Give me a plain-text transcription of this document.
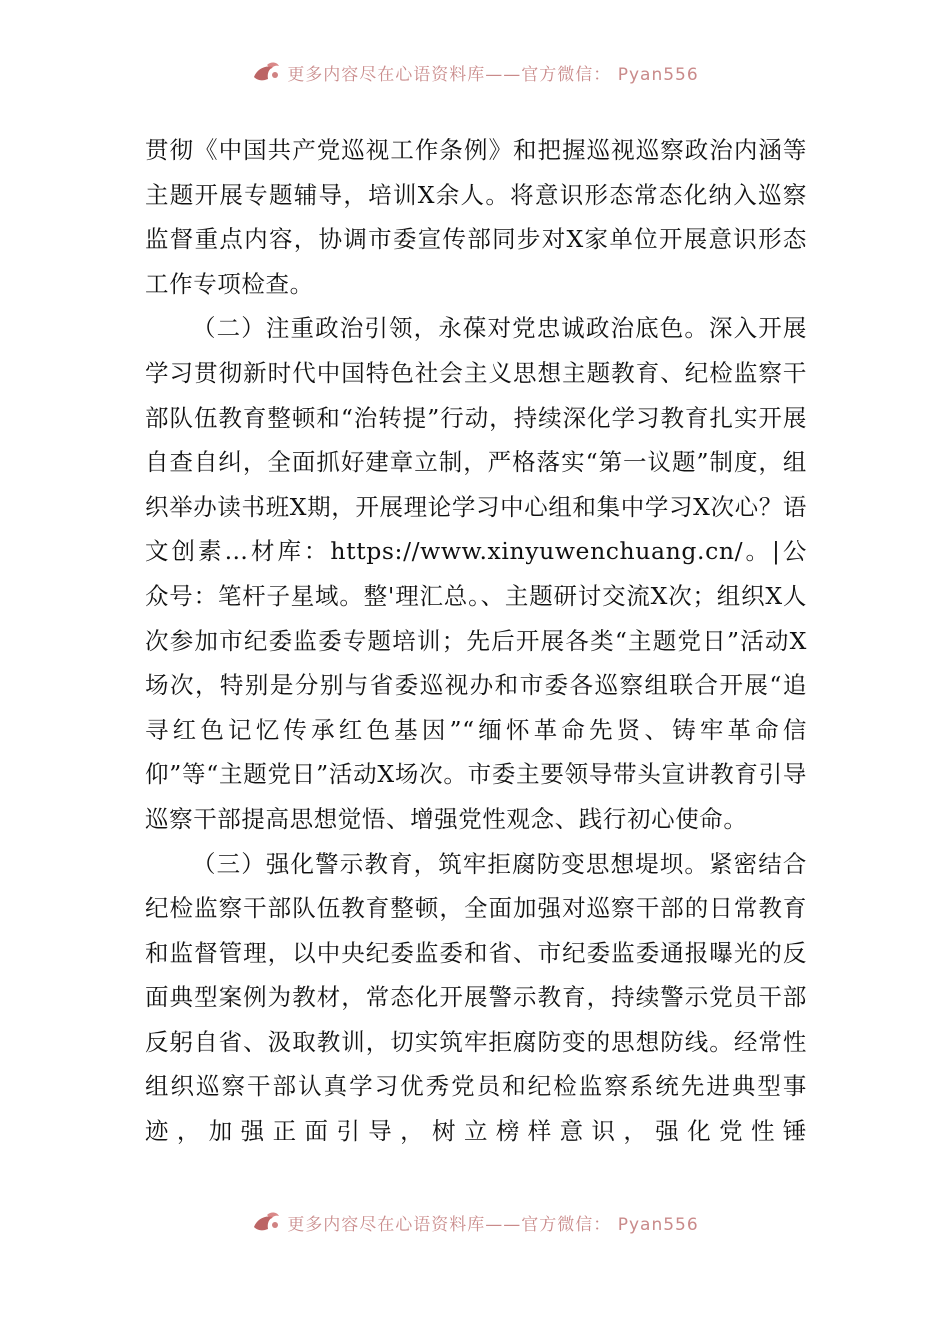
更多内容尽在心语资料库——官方微信： Pyan556

贯彻《中国共产党巡视工作条例》和把握巡视巡察政治内涵等主题开展专题辅导，培训X余人。将意识形态常态化纳入巡察监督重点内容，协调市委宣传部同步对X家单位开展意识形态工作专项检查。

（二）注重政治引领，永葆对党忠诚政治底色。深入开展学习贯彻新时代中国特色社会主义思想主题教育、纪检监察干部队伍教育整顿和“治转提”行动，持续深化学习教育扎实开展自查自纠，全面抓好建章立制，严格落实“第一议题”制度，组织举办读书班X期，开展理论学习中心组和集中学习X次心？语文创素…材库：https://www.xinyuwenchuang.cn/。|公众号：笔杆子星域。整'理汇总。、主题研讨交流X次；组织X人次参加市纪委监委专题培训；先后开展各类“主题党日”活动X场次，特别是分别与省委巡视办和市委各巡察组联合开展“追寻红色记忆传承红色基因”“缅怀革命先贤、铸牢革命信仰”等“主题党日”活动X场次。市委主要领导带头宣讲教育引导巡察干部提高思想觉悟、增强党性观念、践行初心使命。

（三）强化警示教育，筑牢拒腐防变思想堤坝。紧密结合纪检监察干部队伍教育整顿，全面加强对巡察干部的日常教育和监督管理，以中央纪委监委和省、市纪委监委通报曝光的反面典型案例为教材，常态化开展警示教育，持续警示党员干部反躬自省、汲取教训，切实筑牢拒腐防变的思想防线。经常性组织巡察干部认真学习优秀党员和纪检监察系统先进典型事迹，加强正面引导，树立榜样意识，强化党性锤

更多内容尽在心语资料库——官方微信： Pyan556
